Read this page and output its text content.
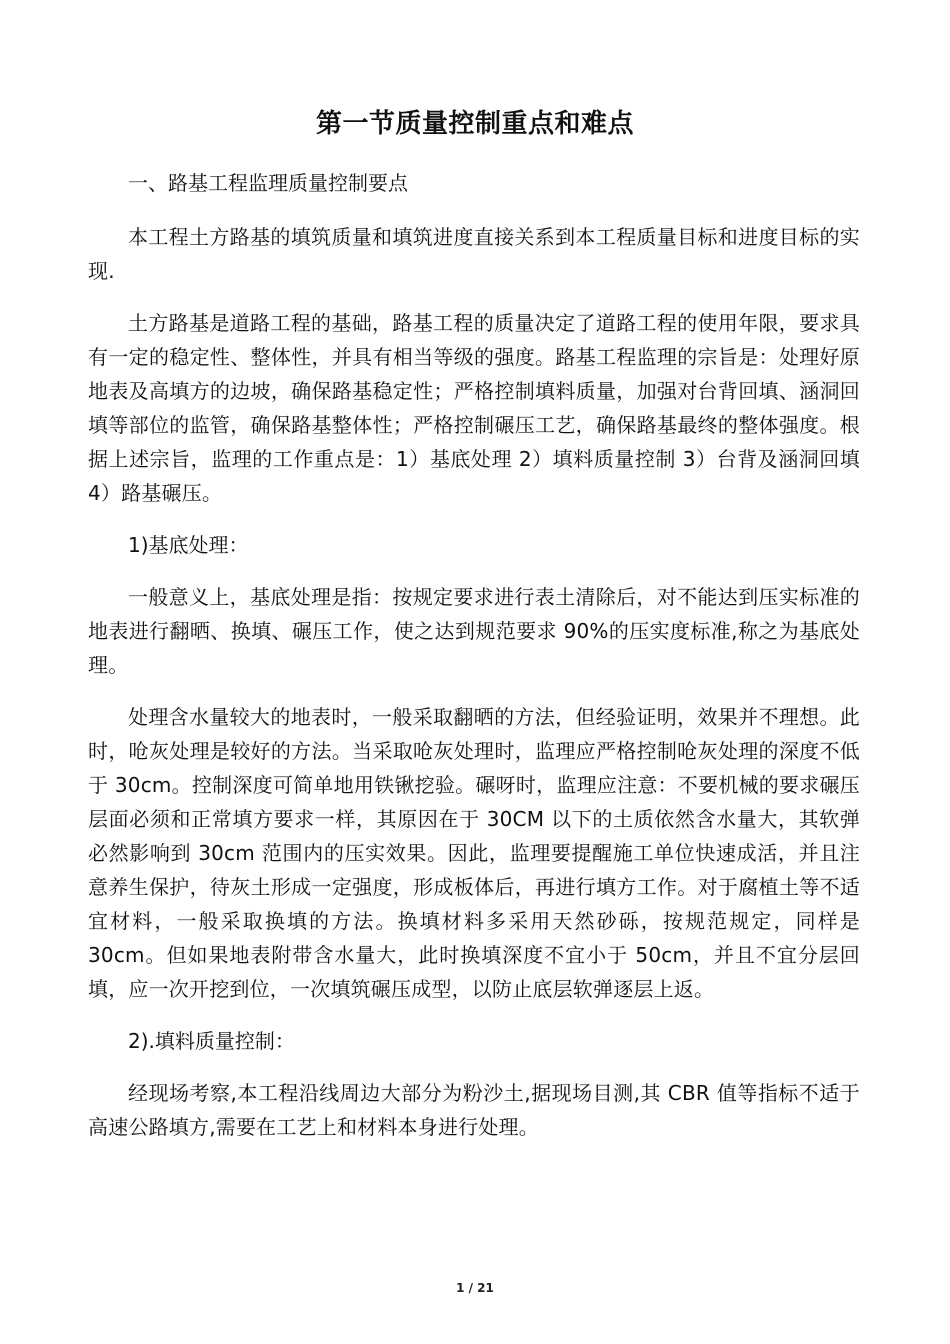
第一节质量控制重点和难点

一、路基工程监理质量控制要点

本工程土方路基的填筑质量和填筑进度直接关系到本工程质量目标和进度目标的实现.

土方路基是道路工程的基础，路基工程的质量决定了道路工程的使用年限，要求具有一定的稳定性、整体性，并具有相当等级的强度。路基工程监理的宗旨是：处理好原地表及高填方的边坡，确保路基稳定性；严格控制填料质量，加强对台背回填、涵洞回填等部位的监管，确保路基整体性；严格控制碾压工艺，确保路基最终的整体强度。根据上述宗旨，监理的工作重点是：1）基底处理 2）填料质量控制 3）台背及涵洞回填 4）路基碾压。

1)基底处理：

一般意义上，基底处理是指：按规定要求进行表土清除后，对不能达到压实标准的地表进行翻晒、换填、碾压工作，使之达到规范要求 90%的压实度标准,称之为基底处理。

处理含水量较大的地表时，一般采取翻晒的方法，但经验证明，效果并不理想。此时，呛灰处理是较好的方法。当采取呛灰处理时，监理应严格控制呛灰处理的深度不低于 30cm。控制深度可简单地用铁锹挖验。碾呀时，监理应注意：不要机械的要求碾压层面必须和正常填方要求一样，其原因在于 30CM 以下的土质依然含水量大，其软弹必然影响到 30cm 范围内的压实效果。因此，监理要提醒施工单位快速成活，并且注意养生保护，待灰土形成一定强度，形成板体后，再进行填方工作。对于腐植土等不适宜材料，一般采取换填的方法。换填材料多采用天然砂砾，按规范规定，同样是 30cm。但如果地表附带含水量大，此时换填深度不宜小于 50cm，并且不宜分层回填，应一次开挖到位，一次填筑碾压成型，以防止底层软弹逐层上返。

2).填料质量控制：

经现场考察,本工程沿线周边大部分为粉沙土,据现场目测,其 CBR 值等指标不适于高速公路填方,需要在工艺上和材料本身进行处理。

1 / 21
